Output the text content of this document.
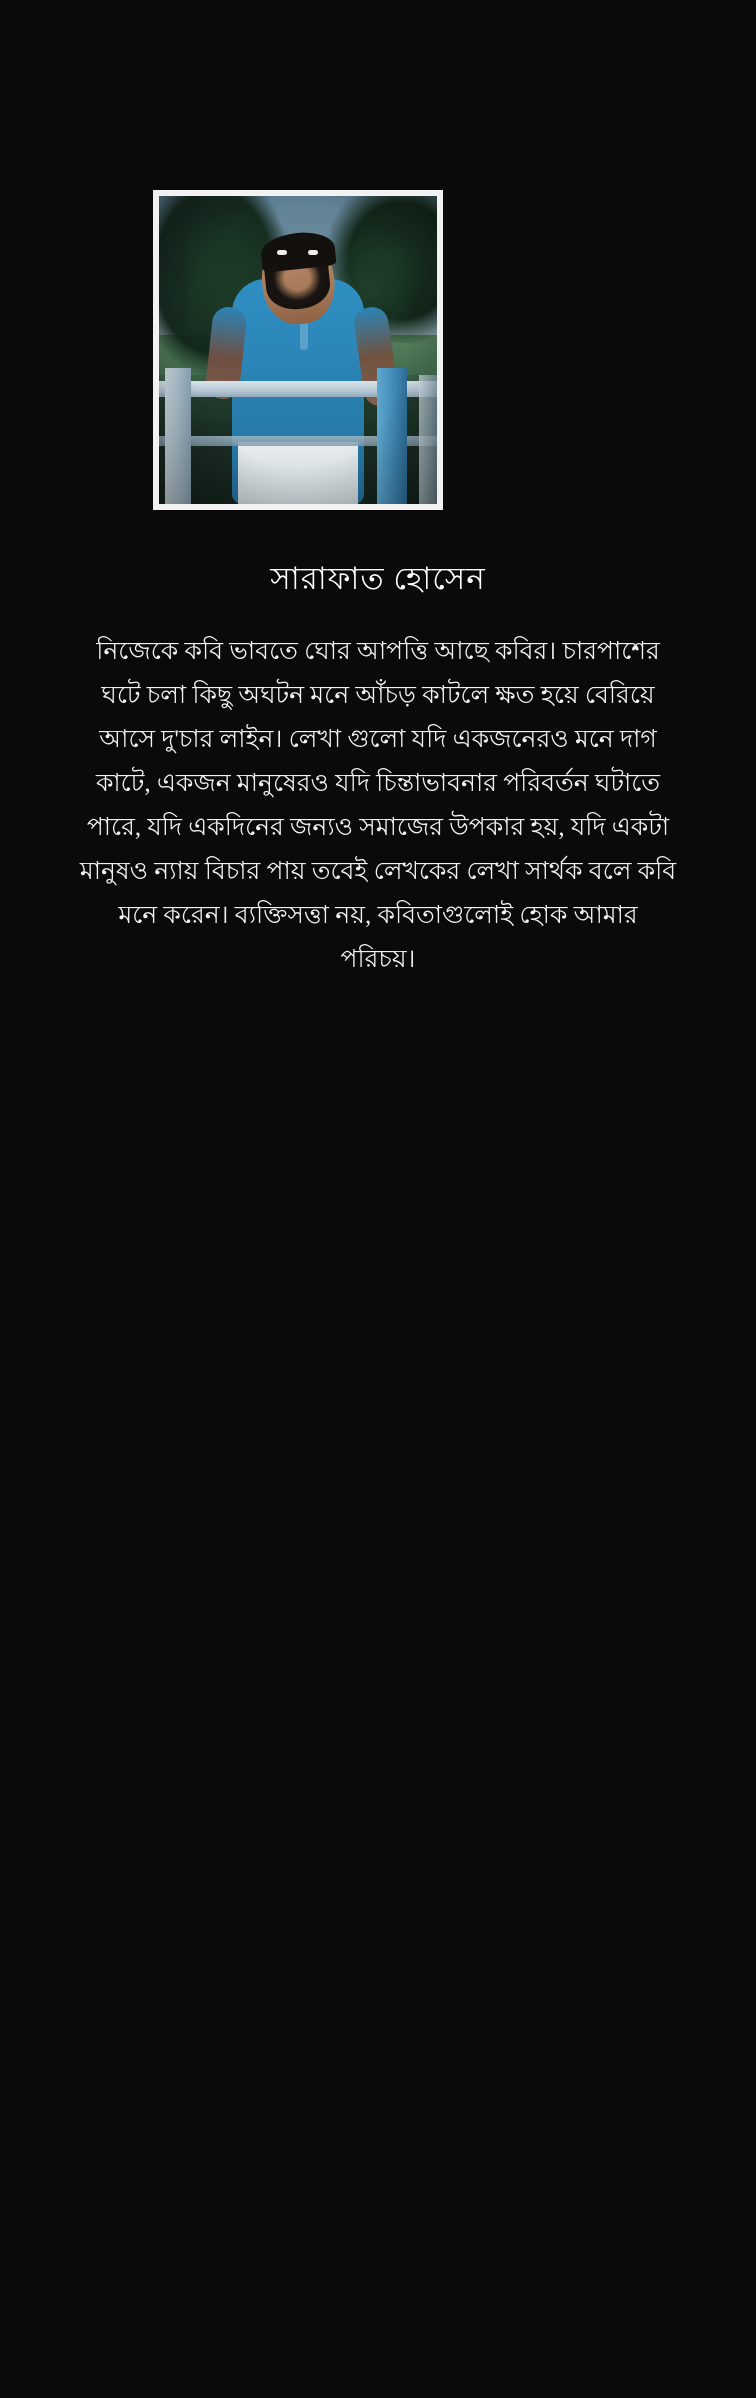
সারাফাত হোসেন
নিজেকে কবি ভাবতে ঘোর আপত্তি আছে কবির। চারপাশের ঘটে চলা কিছু অঘটন মনে আঁচড় কাটলে ক্ষত হয়ে বেরিয়ে আসে দু'চার লাইন। লেখা গুলো যদি একজনেরও মনে দাগ কাটে, একজন মানুষেরও যদি চিন্তাভাবনার পরিবর্তন ঘটাতে পারে, যদি একদিনের জন্যও সমাজের উপকার হয়, যদি একটা মানুষও ন্যায় বিচার পায় তবেই লেখকের লেখা সার্থক বলে কবি মনে করেন। ব্যক্তিসত্তা নয়, কবিতাগুলোই হোক আমার পরিচয়।
